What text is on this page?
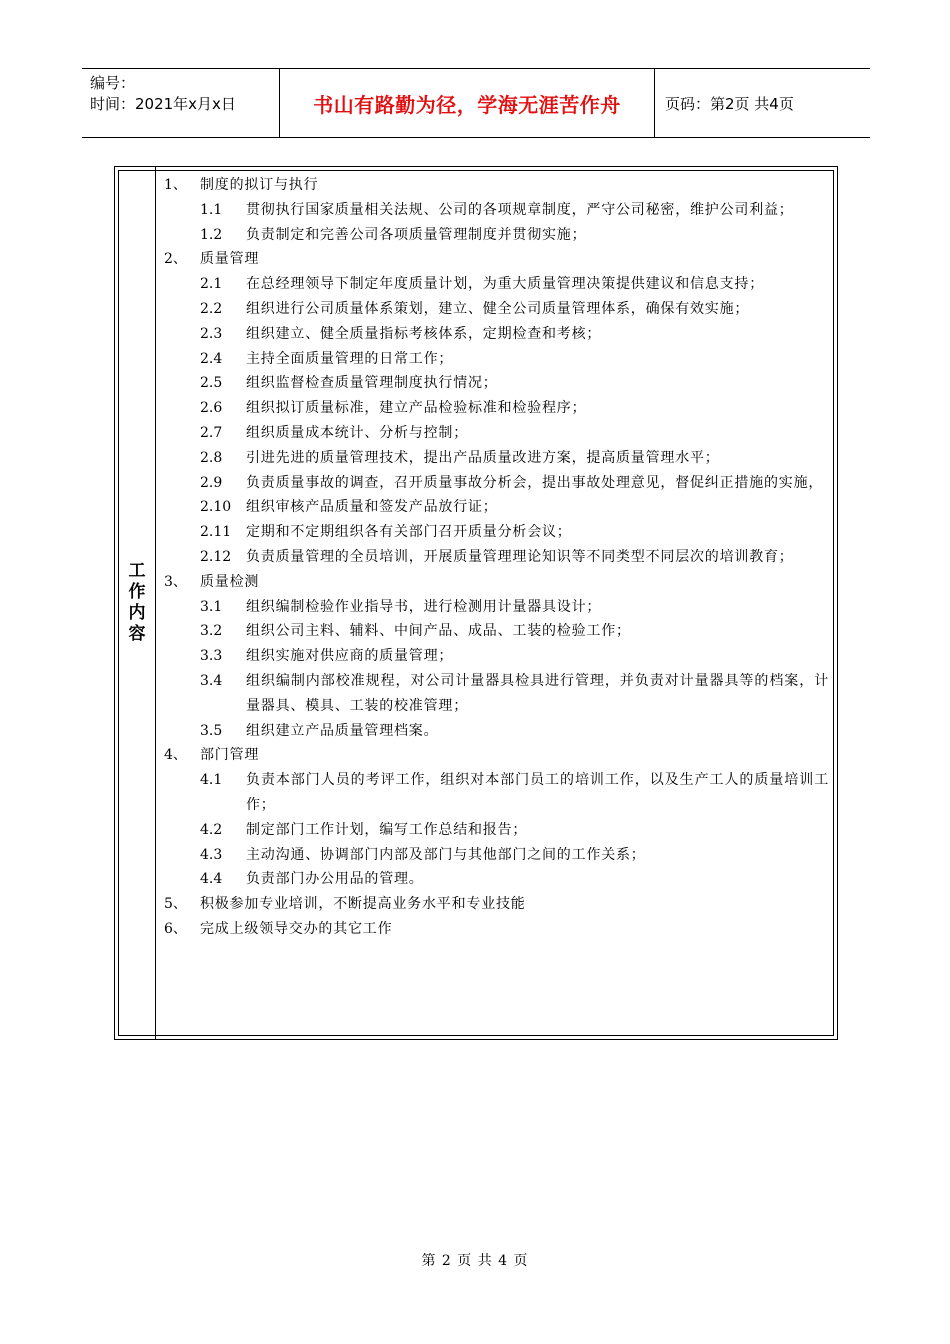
编号：
时间：2021年x月x日	书山有路勤为径，学海无涯苦作舟	页码：第2页 共4页
工作内容
1、 制度的拟订与执行
1.1	贯彻执行国家质量相关法规、公司的各项规章制度，严守公司秘密，维护公司利益；
1.2	负责制定和完善公司各项质量管理制度并贯彻实施；
2、 质量管理
2.1	在总经理领导下制定年度质量计划，为重大质量管理决策提供建议和信息支持；
2.2	组织进行公司质量体系策划，建立、健全公司质量管理体系，确保有效实施；
2.3	组织建立、健全质量指标考核体系，定期检查和考核；
2.4	主持全面质量管理的日常工作；
2.5	组织监督检查质量管理制度执行情况；
2.6	组织拟订质量标准，建立产品检验标准和检验程序；
2.7	组织质量成本统计、分析与控制；
2.8	引进先进的质量管理技术，提出产品质量改进方案，提高质量管理水平；
2.9	负责质量事故的调查，召开质量事故分析会，提出事故处理意见，督促纠正措施的实施，
2.10	组织审核产品质量和签发产品放行证；
2.11	定期和不定期组织各有关部门召开质量分析会议；
2.12	负责质量管理的全员培训，开展质量管理理论知识等不同类型不同层次的培训教育；
3、 质量检测
3.1	组织编制检验作业指导书，进行检测用计量器具设计；
3.2	组织公司主料、辅料、中间产品、成品、工装的检验工作；
3.3	组织实施对供应商的质量管理；
3.4	组织编制内部校准规程，对公司计量器具检具进行管理，并负责对计量器具等的档案，计量器具、模具、工装的校准管理；
3.5	组织建立产品质量管理档案。
4、 部门管理
4.1	负责本部门人员的考评工作，组织对本部门员工的培训工作，以及生产工人的质量培训工作；
4.2	制定部门工作计划，编写工作总结和报告；
4.3	主动沟通、协调部门内部及部门与其他部门之间的工作关系；
4.4	负责部门办公用品的管理。
5、 积极参加专业培训，不断提高业务水平和专业技能
6、 完成上级领导交办的其它工作
第 2 页 共 4 页
